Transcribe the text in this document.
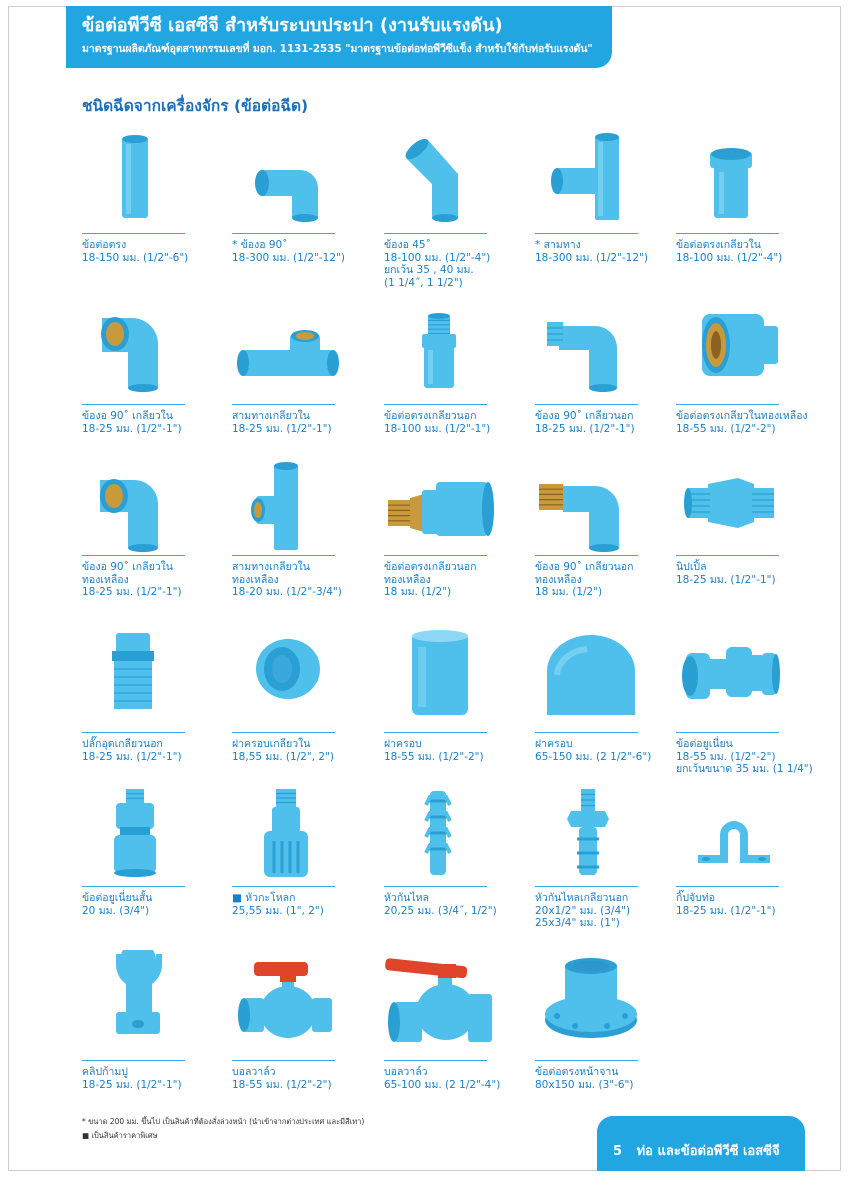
ข้อต่อพีวีซี เอสซีจี สำหรับระบบประปา (งานรับแรงดัน)
มาตรฐานผลิตภัณฑ์อุตสาหกรรมเลขที่ มอก. 1131-2535 "มาตรฐานข้อต่อท่อพีวีซีแข็ง สำหรับใช้กับท่อรับแรงดัน"
ชนิดฉีดจากเครื่องจักร (ข้อต่อฉีด)
ข้อต่อตรง
18-150 มม. (1/2"-6")
* ข้องอ 90˚
18-300 มม. (1/2"-12")
ข้องอ 45˚
18-100 มม. (1/2"-4")
ยกเว้น 35 , 40 มม.
(1 1/4˝, 1 1/2")
* สามทาง
18-300 มม. (1/2"-12")
ข้อต่อตรงเกลียวใน
18-100 มม. (1/2"-4")
ข้องอ 90˚ เกลียวใน
18-25 มม. (1/2"-1")
สามทางเกลียวใน
18-25 มม. (1/2"-1")
ข้อต่อตรงเกลียวนอก
18-100 มม. (1/2"-1")
ข้องอ 90˚ เกลียวนอก
18-25 มม. (1/2"-1")
ข้อต่อตรงเกลียวในทองเหลือง
18-55 มม. (1/2"-2")
ข้องอ 90˚ เกลียวใน
ทองเหลือง
18-25 มม. (1/2"-1")
สามทางเกลียวใน
ทองเหลือง
18-20 มม. (1/2"-3/4")
ข้อต่อตรงเกลียวนอก
ทองเหลือง
18 มม. (1/2")
ข้องอ 90˚ เกลียวนอก
ทองเหลือง
18 มม. (1/2")
นิปเปิ้ล
18-25 มม. (1/2"-1")
ปลั๊กอุดเกลียวนอก
18-25 มม. (1/2"-1")
ฝาครอบเกลียวใน
18,55 มม. (1/2", 2")
ฝาครอบ
18-55 มม. (1/2"-2")
ฝาครอบ
65-150 มม. (2 1/2"-6")
ข้อต่อยูเนี่ยน
18-55 มม. (1/2"-2")
ยกเว้นขนาด 35 มม. (1 1/4")
ข้อต่อยูเนี่ยนสั้น
20 มม. (3/4")
■ หัวกะโหลก
25,55 มม. (1", 2")
หัวกันไหล
20,25 มม. (3/4˝, 1/2")
หัวกันไหลเกลียวนอก
20x1/2" มม. (3/4")
25x3/4" มม. (1")
กิ๊ปจับท่อ
18-25 มม. (1/2"-1")
คลิปก้ามปู
18-25 มม. (1/2"-1")
บอลวาล์ว
18-55 มม. (1/2"-2")
บอลวาล์ว
65-100 มม. (2 1/2"-4")
ข้อต่อตรงหน้าจาน
80x150 มม. (3"-6")
* ขนาด 200 มม. ขึ้นไป เป็นสินค้าที่ต้องสั่งล่วงหน้า (นำเข้าจากต่างประเทศ และมีสีเทา)
■ เป็นสินค้าราคาพิเศษ
5 ท่อ และข้อต่อพีวีซี เอสซีจี
